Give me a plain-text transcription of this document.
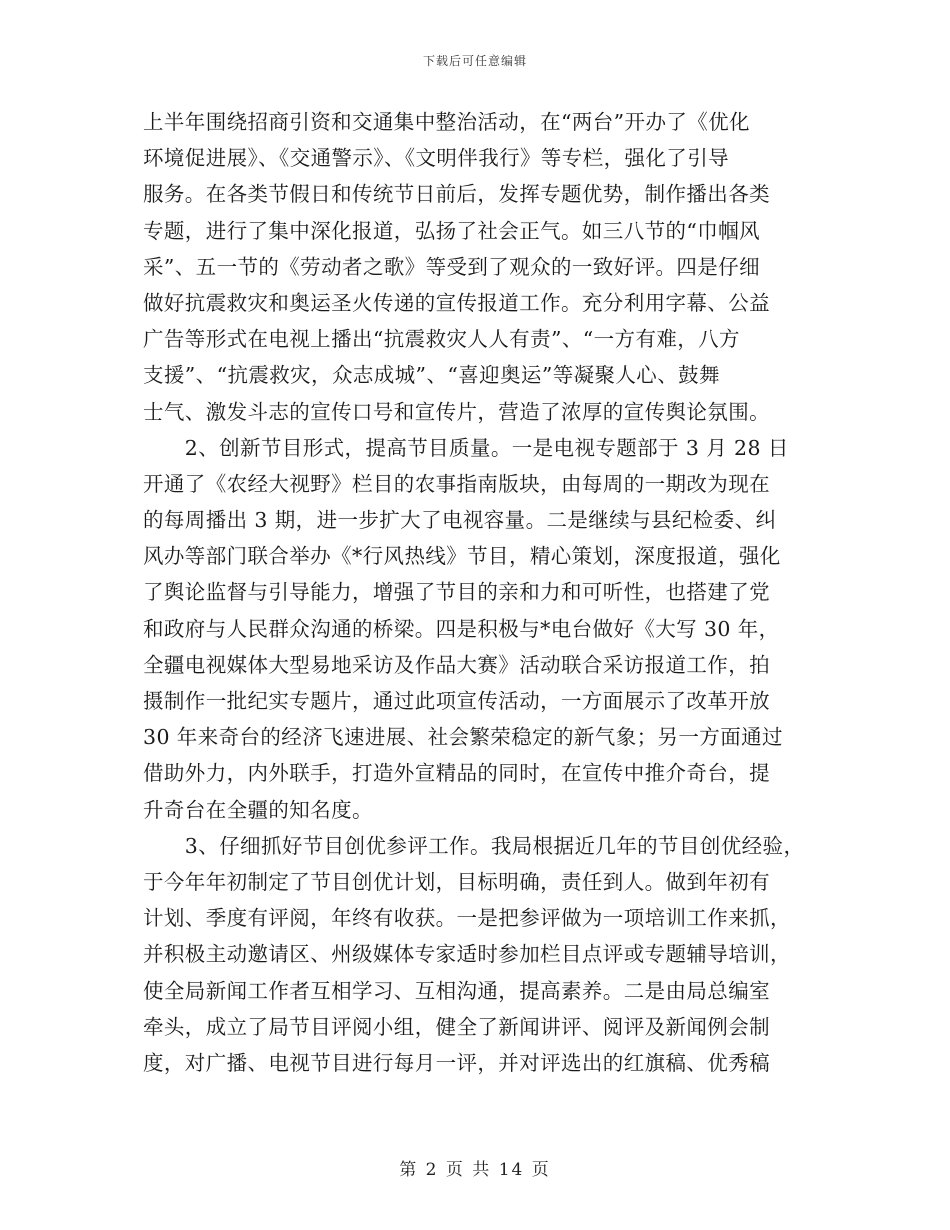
下载后可任意编辑
上半年围绕招商引资和交通集中整治活动，在“两台”开办了《优化
环境促进展》、《交通警示》、《文明伴我行》等专栏，强化了引导
服务。在各类节假日和传统节日前后，发挥专题优势，制作播出各类
专题，进行了集中深化报道，弘扬了社会正气。如三八节的“巾帼风
采”、五一节的《劳动者之歌》等受到了观众的一致好评。四是仔细
做好抗震救灾和奥运圣火传递的宣传报道工作。充分利用字幕、公益
广告等形式在电视上播出“抗震救灾人人有责”、“一方有难，八方
支援”、“抗震救灾，众志成城”、“喜迎奥运”等凝聚人心、鼓舞
士气、激发斗志的宣传口号和宣传片，营造了浓厚的宣传舆论氛围。
　　2、创新节目形式，提高节目质量。一是电视专题部于 3 月 28 日
开通了《农经大视野》栏目的农事指南版块，由每周的一期改为现在
的每周播出 3 期，进一步扩大了电视容量。二是继续与县纪检委、纠
风办等部门联合举办《*行风热线》节目，精心策划，深度报道，强化
了舆论监督与引导能力，增强了节目的亲和力和可听性，也搭建了党
和政府与人民群众沟通的桥梁。四是积极与*电台做好《大写 30 年，
全疆电视媒体大型易地采访及作品大赛》活动联合采访报道工作，拍
摄制作一批纪实专题片，通过此项宣传活动，一方面展示了改革开放
30 年来奇台的经济飞速进展、社会繁荣稳定的新气象；另一方面通过
借助外力，内外联手，打造外宣精品的同时，在宣传中推介奇台，提
升奇台在全疆的知名度。
　　3、仔细抓好节目创优参评工作。我局根据近几年的节目创优经验，
于今年年初制定了节目创优计划，目标明确，责任到人。做到年初有
计划、季度有评阅，年终有收获。一是把参评做为一项培训工作来抓，
并积极主动邀请区、州级媒体专家适时参加栏目点评或专题辅导培训，
使全局新闻工作者互相学习、互相沟通，提高素养。二是由局总编室
牵头，成立了局节目评阅小组，健全了新闻讲评、阅评及新闻例会制
度，对广播、电视节目进行每月一评，并对评选出的红旗稿、优秀稿
第 2 页 共 14 页
